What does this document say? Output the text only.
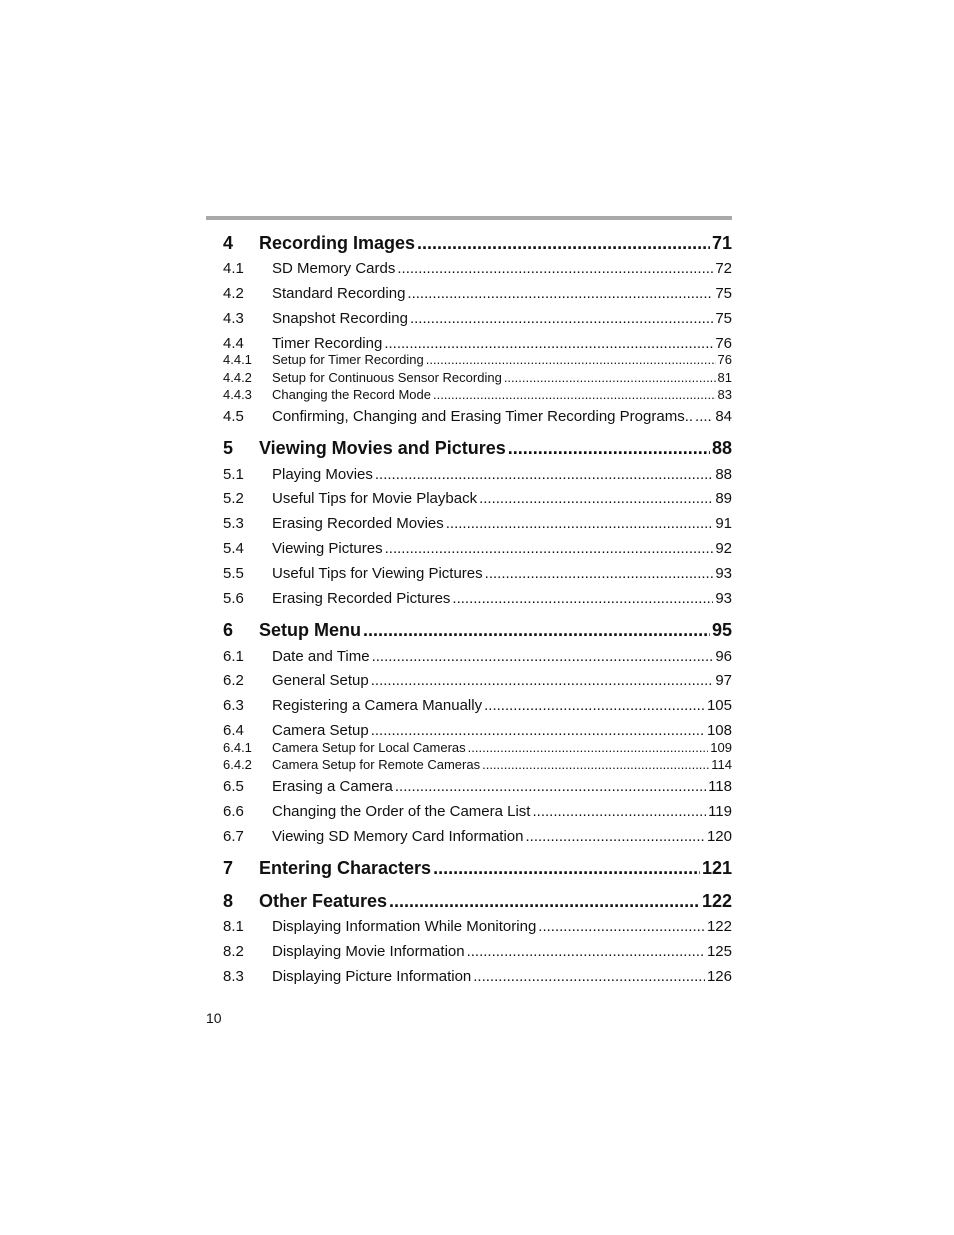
4	Recording Images .....	71
4.1	SD Memory Cards .....	72
4.2	Standard Recording .....	75
4.3	Snapshot Recording .....	75
4.4	Timer Recording .....	76
4.4.1	Setup for Timer Recording .....	76
4.4.2	Setup for Continuous Sensor Recording .....	81
4.4.3	Changing the Record Mode .....	83
4.5	Confirming, Changing and Erasing Timer Recording Programs.. ..... 84
5	Viewing Movies and Pictures .....	88
5.1	Playing Movies .....	88
5.2	Useful Tips for Movie Playback .....	89
5.3	Erasing Recorded Movies .....	91
5.4	Viewing Pictures .....	92
5.5	Useful Tips for Viewing Pictures .....	93
5.6	Erasing Recorded Pictures .....	93
6	Setup Menu .....	95
6.1	Date and Time .....	96
6.2	General Setup .....	97
6.3	Registering a Camera Manually .....	105
6.4	Camera Setup .....	108
6.4.1	Camera Setup for Local Cameras .....	109
6.4.2	Camera Setup for Remote Cameras .....	114
6.5	Erasing a Camera .....	118
6.6	Changing the Order of the Camera List .....	119
6.7	Viewing SD Memory Card Information .....	120
7	Entering Characters .....	121
8	Other Features .....	122
8.1	Displaying Information While Monitoring .....	122
8.2	Displaying Movie Information .....	125
8.3	Displaying Picture Information .....	126
10
